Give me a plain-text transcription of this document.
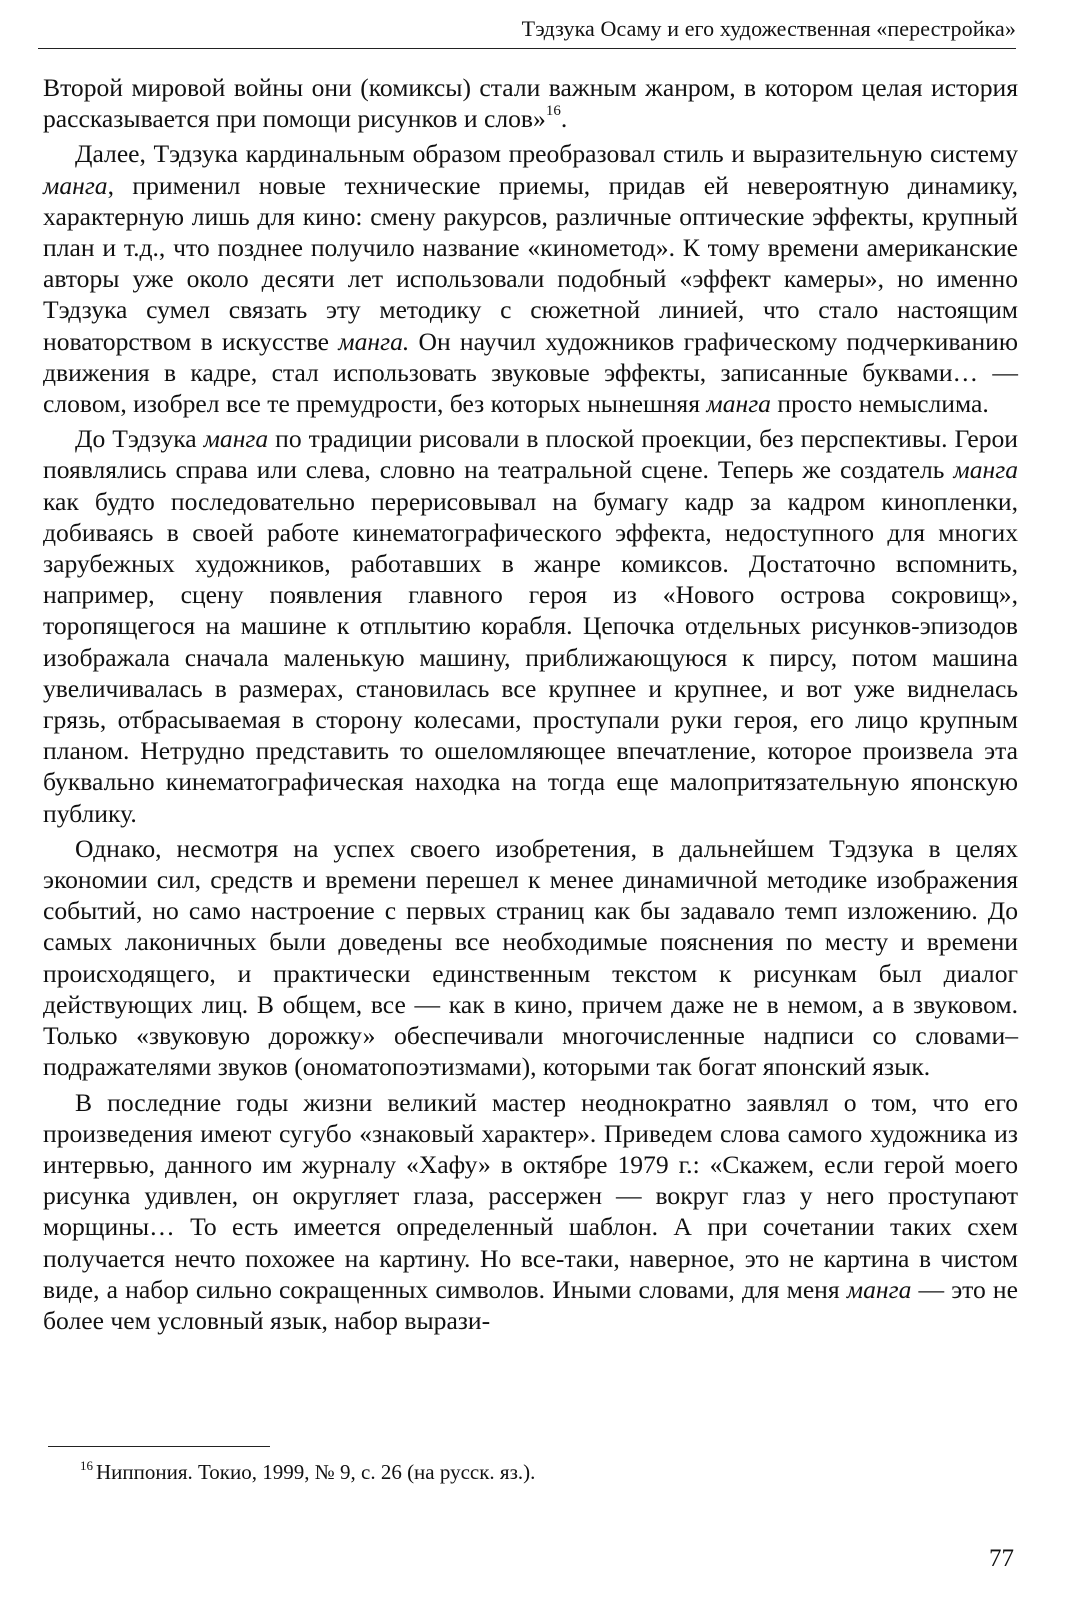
Тэдзука Осаму и его художественная «перестройка»

Второй мировой войны они (комиксы) стали важным жанром, в котором целая история рассказывается при помощи рисунков и слов»$^{16}$.

Далее, Тэдзука кардинальным образом преобразовал стиль и выразительную систему манга, применил новые технические приемы, придав ей невероятную динамику, характерную лишь для кино: смену ракурсов, различные оптические эффекты, крупный план и т.д., что позднее получило название «кинометод». К тому времени американские авторы уже около десяти лет использовали подобный «эффект камеры», но именно Тэдзука сумел связать эту методику с сюжетной линией, что стало настоящим новаторством в искусстве манга. Он научил художников графическому подчеркиванию движения в кадре, стал использовать звуковые эффекты, записанные буквами… — словом, изобрел все те премудрости, без которых нынешняя манга просто немыслима.

До Тэдзука манга по традиции рисовали в плоской проекции, без перспективы. Герои появлялись справа или слева, словно на театральной сцене. Теперь же создатель манга как будто последовательно перерисовывал на бумагу кадр за кадром кинопленки, добиваясь в своей работе кинематографического эффекта, недоступного для многих зарубежных художников, работавших в жанре комиксов. Достаточно вспомнить, например, сцену появления главного героя из «Нового острова сокровищ», торопящегося на машине к отплытию корабля. Цепочка отдельных рисунков-эпизодов изображала сначала маленькую машину, приближающуюся к пирсу, потом машина увеличивалась в размерах, становилась все крупнее и крупнее, и вот уже виднелась грязь, отбрасываемая в сторону колесами, проступали руки героя, его лицо крупным планом. Нетрудно представить то ошеломляющее впечатление, которое произвела эта буквально кинематографическая находка на тогда еще малопритязательную японскую публику.

Однако, несмотря на успех своего изобретения, в дальнейшем Тэдзука в целях экономии сил, средств и времени перешел к менее динамичной методике изображения событий, но само настроение с первых страниц как бы задавало темп изложению. До самых лаконичных были доведены все необходимые пояснения по месту и времени происходящего, и практически единственным текстом к рисункам был диалог действующих лиц. В общем, все — как в кино, причем даже не в немом, а в звуковом. Только «звуковую дорожку» обеспечивали многочисленные надписи со словами–подражателями звуков (ономатопоэтизмами), которыми так богат японский язык.

В последние годы жизни великий мастер неоднократно заявлял о том, что его произведения имеют сугубо «знаковый характер». Приведем слова самого художника из интервью, данного им журналу «Хафу» в октябре 1979 г.: «Скажем, если герой моего рисунка удивлен, он округляет глаза, рассержен — вокруг глаз у него проступают морщины… То есть имеется определенный шаблон. А при сочетании таких схем получается нечто похожее на картину. Но все-таки, наверное, это не картина в чистом виде, а набор сильно сокращенных символов. Иными словами, для меня манга — это не более чем условный язык, набор вырази-

$^{16}$ Ниппония. Токио, 1999, № 9, с. 26 (на русск. яз.).
77
